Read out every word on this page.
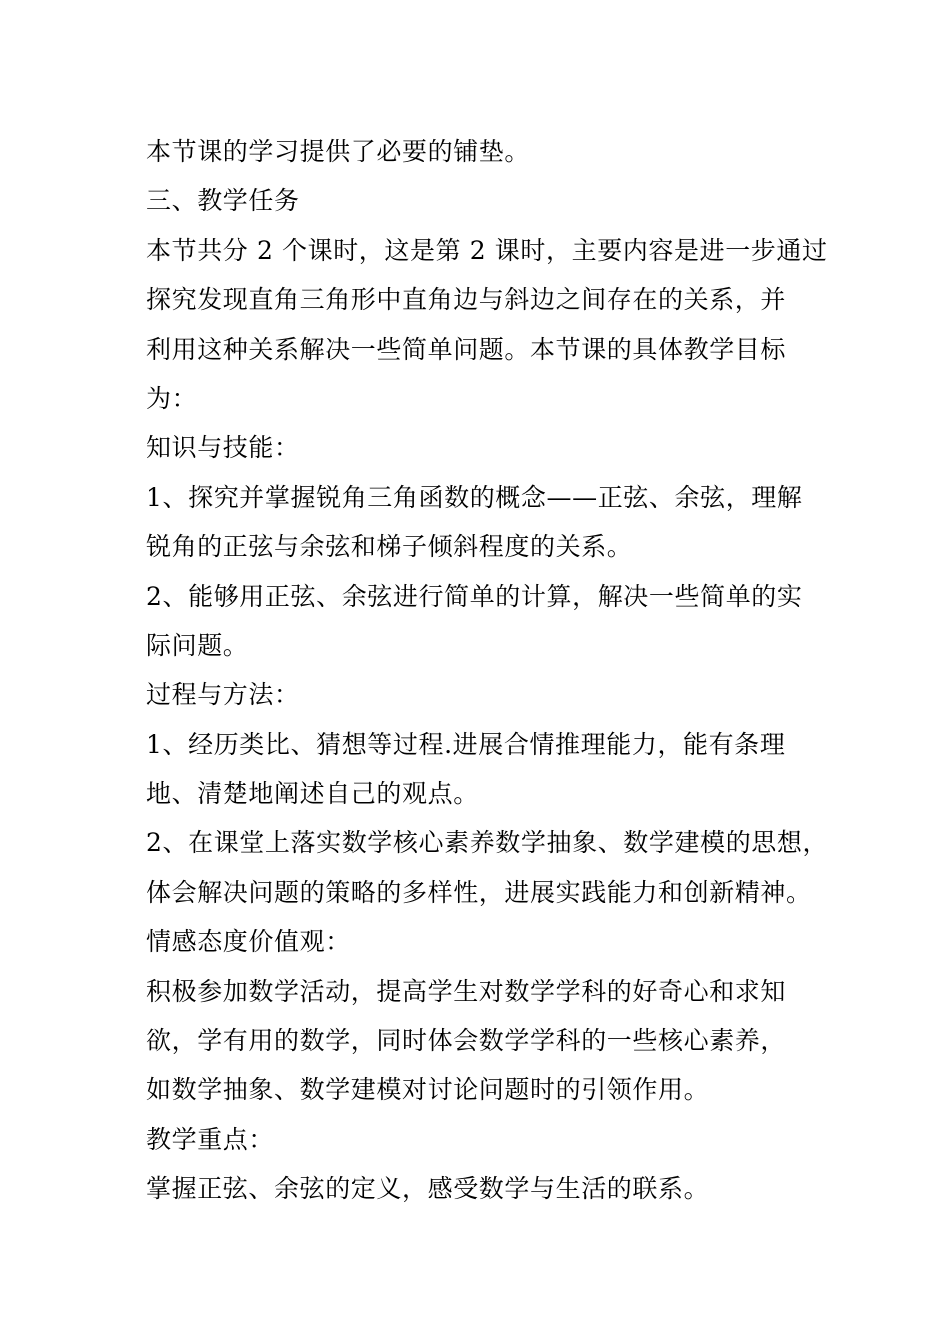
本节课的学习提供了必要的铺垫。
三、教学任务
本节共分 2 个课时，这是第 2 课时，主要内容是进一步通过
探究发现直角三角形中直角边与斜边之间存在的关系，并
利用这种关系解决一些简单问题。本节课的具体教学目标
为：
知识与技能：
1、探究并掌握锐角三角函数的概念——正弦、余弦，理解
锐角的正弦与余弦和梯子倾斜程度的关系。
2、能够用正弦、余弦进行简单的计算，解决一些简单的实
际问题。
过程与方法：
1、经历类比、猜想等过程.进展合情推理能力，能有条理
地、清楚地阐述自己的观点。
2、在课堂上落实数学核心素养数学抽象、数学建模的思想，
体会解决问题的策略的多样性，进展实践能力和创新精神。
情感态度价值观：
积极参加数学活动，提高学生对数学学科的好奇心和求知
欲，学有用的数学，同时体会数学学科的一些核心素养，
如数学抽象、数学建模对讨论问题时的引领作用。
教学重点：
掌握正弦、余弦的定义，感受数学与生活的联系。
